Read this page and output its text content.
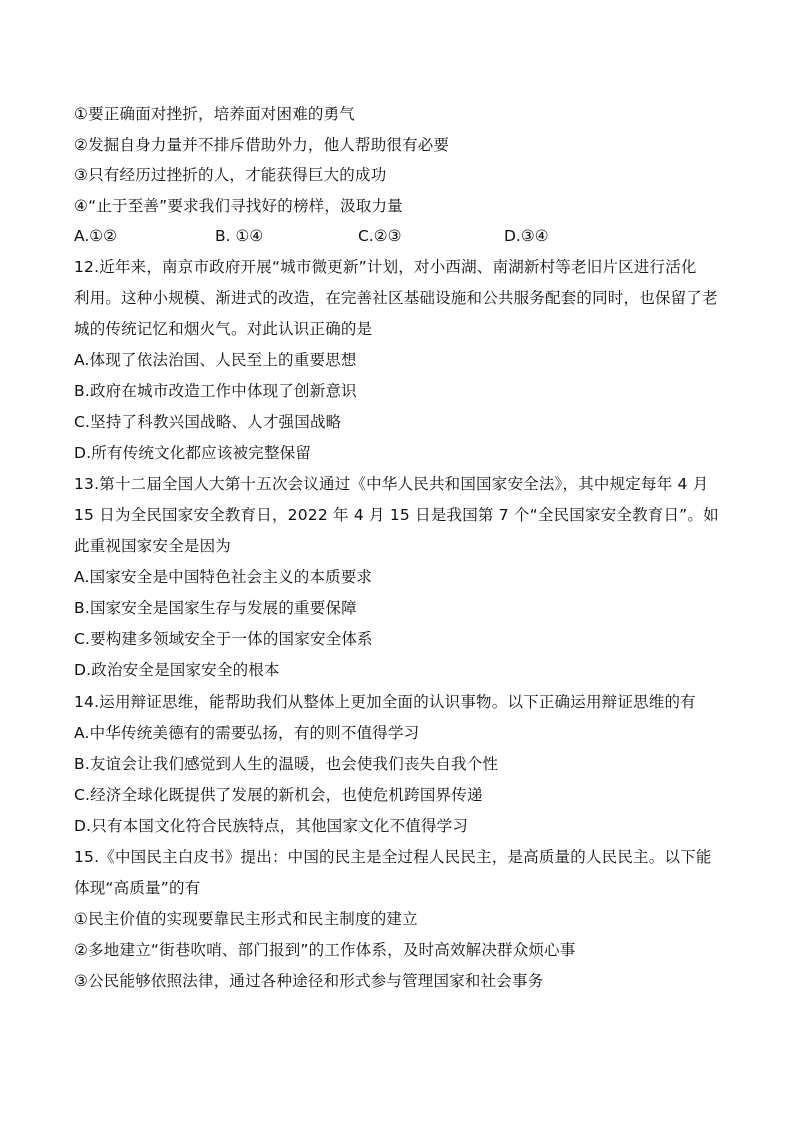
①要正确面对挫折，培养面对困难的勇气

②发掘自身力量并不排斥借助外力，他人帮助很有必要

③只有经历过挫折的人，才能获得巨大的成功

④“止于至善”要求我们寻找好的榜样，汲取力量

A.①②	B. ①④	C.②③	D.③④

12.近年来，南京市政府开展“城市微更新”计划，对小西湖、南湖新村等老旧片区进行活化

利用。这种小规模、渐进式的改造，在完善社区基础设施和公共服务配套的同时，也保留了老

城的传统记忆和烟火气。对此认识正确的是

A.体现了依法治国、人民至上的重要思想

B.政府在城市改造工作中体现了创新意识

C.坚持了科教兴国战略、人才强国战略

D.所有传统文化都应该被完整保留

13.第十二届全国人大第十五次会议通过《中华人民共和国国家安全法》，其中规定每年 4 月

15 日为全民国家安全教育日，2022 年 4 月 15 日是我国第 7 个“全民国家安全教育日”。如

此重视国家安全是因为

A.国家安全是中国特色社会主义的本质要求

B.国家安全是国家生存与发展的重要保障

C.要构建多领域安全于一体的国家安全体系

D.政治安全是国家安全的根本

14.运用辩证思维，能帮助我们从整体上更加全面的认识事物。以下正确运用辩证思维的有

A.中华传统美德有的需要弘扬，有的则不值得学习

B.友谊会让我们感觉到人生的温暖，也会使我们丧失自我个性

C.经济全球化既提供了发展的新机会，也使危机跨国界传递

D.只有本国文化符合民族特点，其他国家文化不值得学习

15.《中国民主白皮书》提出：中国的民主是全过程人民民主，是高质量的人民民主。以下能

体现“高质量”的有

①民主价值的实现要靠民主形式和民主制度的建立

②多地建立“街巷吹哨、部门报到”的工作体系，及时高效解决群众烦心事

③公民能够依照法律，通过各种途径和形式参与管理国家和社会事务
